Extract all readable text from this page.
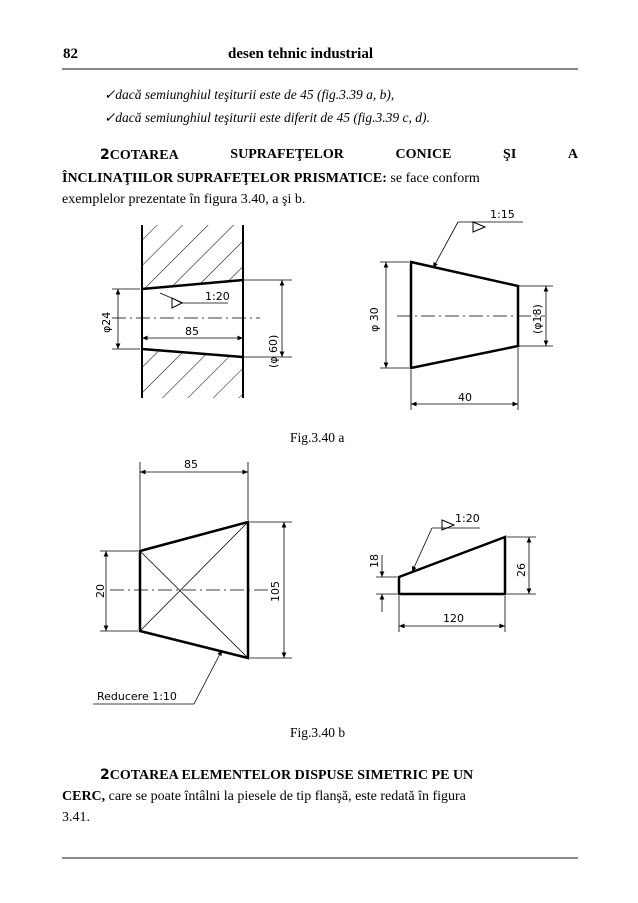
82	desen tehnic industrial
✓dacă semiunghiul teşiturii este de 45 (fig.3.39 a, b),
✓dacă semiunghiul teşiturii este diferit de 45 (fig.3.39 c, d).
2COTAREA	SUPRAFEŢELOR	CONICE	ŞI	A
ÎNCLINAŢIILOR SUPRAFEŢELOR PRISMATICE: se face conform
exemplelor prezentate în figura 3.40, a şi b.
φ24
1:20
85
(φ 60)
φ 30	(φ18)
1:15
40
Fig.3.40 a
85
20	105
Reducere 1:10
1:20
18
26
120
Fig.3.40 b
2COTAREA ELEMENTELOR DISPUSE SIMETRIC PE UN
CERC, care se poate întâlni la piesele de tip flanşă, este redată în figura
3.41.
